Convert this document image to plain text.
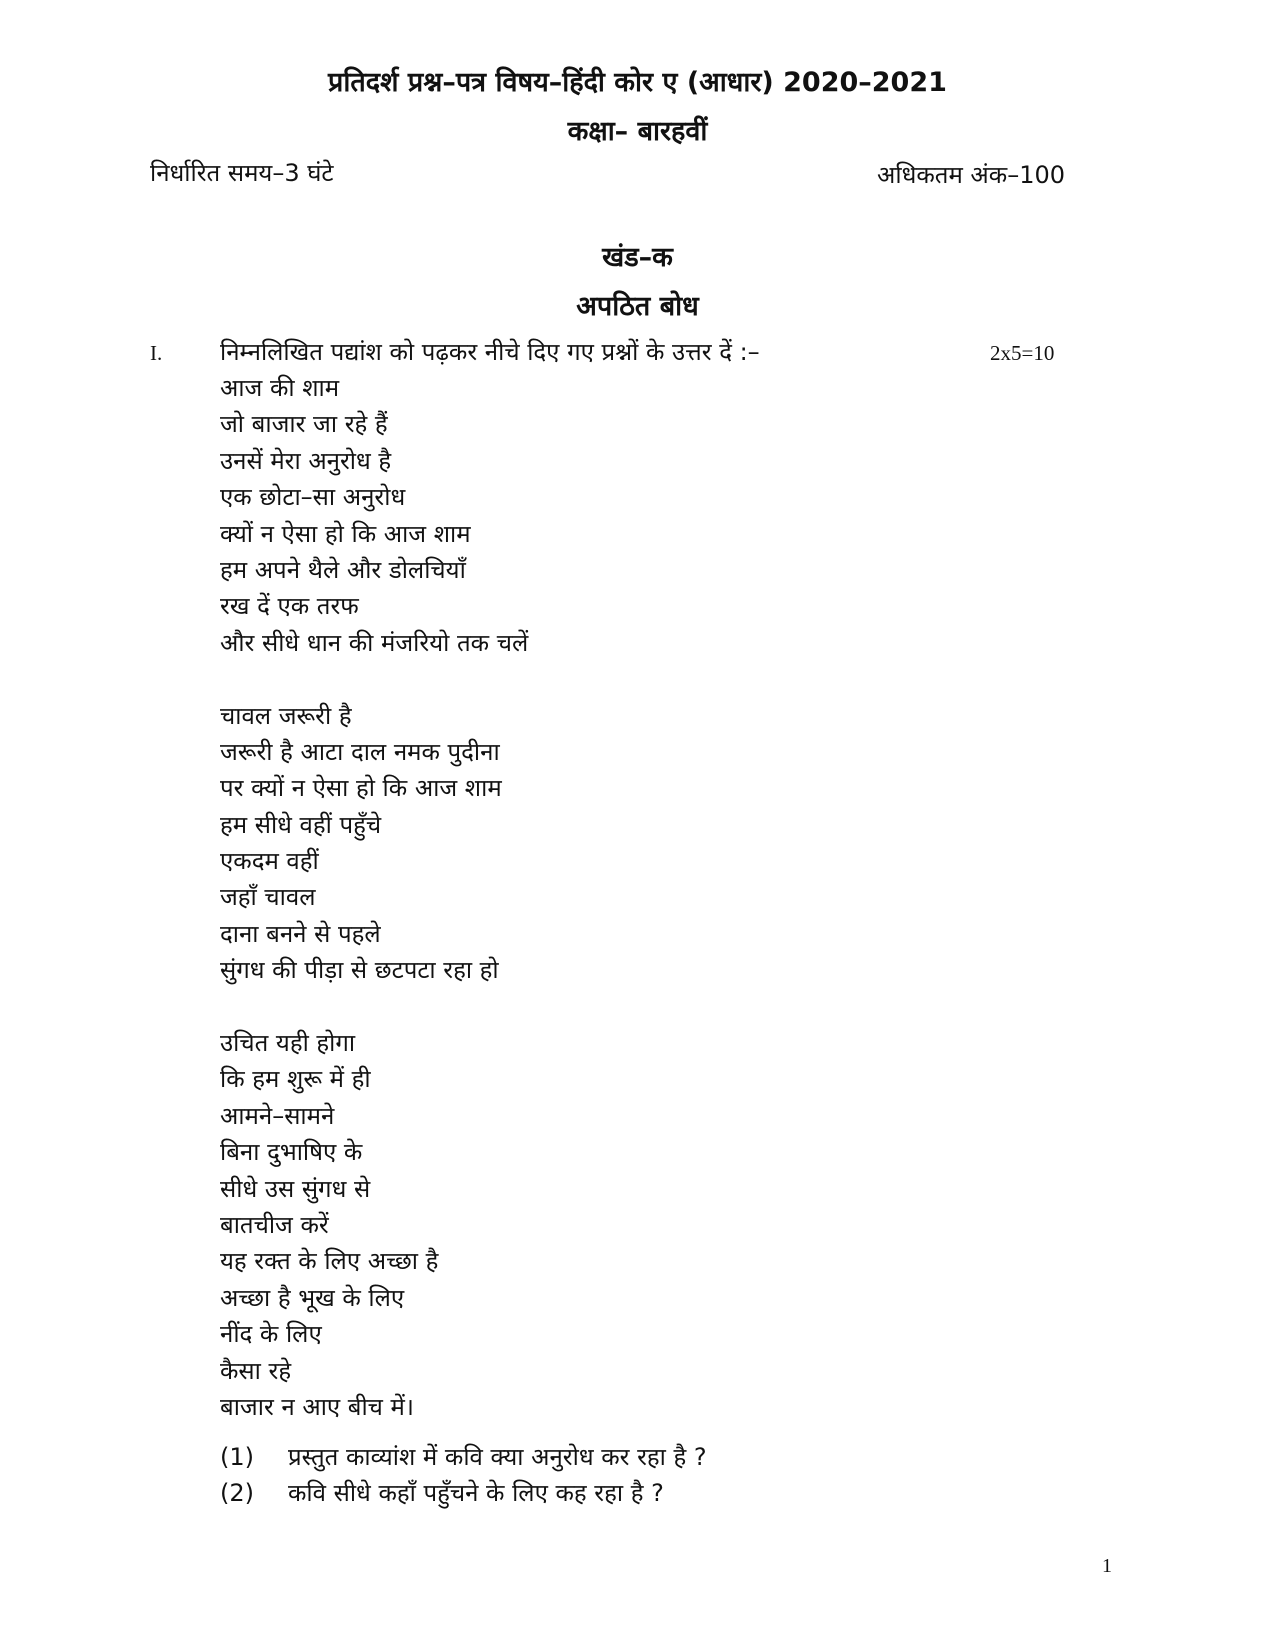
प्रतिदर्श प्रश्न–पत्र विषय–हिंदी कोर ए (आधार) 2020–2021
कक्षा– बारहवीं
निर्धारित समय–3 घंटे	अधिकतम अंक–100
खंड–क
अपठित बोध
I. निम्नलिखित पद्यांश को पढ़कर नीचे दिए गए प्रश्नों के उत्तर दें :–	2x5=10
आज की शाम
जो बाजार जा रहे हैं
उनसें मेरा अनुरोध है
एक छोटा–सा अनुरोध
क्यों न ऐसा हो कि आज शाम
हम अपने थैले और डोलचियाँ
रख दें एक तरफ
और सीधे धान की मंजरियो तक चलें
चावल जरूरी है
जरूरी है आटा दाल नमक पुदीना
पर क्यों न ऐसा हो कि आज शाम
हम सीधे वहीं पहुँचे
एकदम वहीं
जहाँ चावल
दाना बनने से पहले
सुंगध की पीड़ा से छटपटा रहा हो
उचित यही होगा
कि हम शुरू में ही
आमने–सामने
बिना दुभाषिए के
सीधे उस सुंगध से
बातचीज करें
यह रक्त के लिए अच्छा है
अच्छा है भूख के लिए
नींद के लिए
कैसा रहे
बाजार न आए बीच में।
(1) प्रस्तुत काव्यांश में कवि क्या अनुरोध कर रहा है ?
(2) कवि सीधे कहाँ पहुँचने के लिए कह रहा है ?
1
